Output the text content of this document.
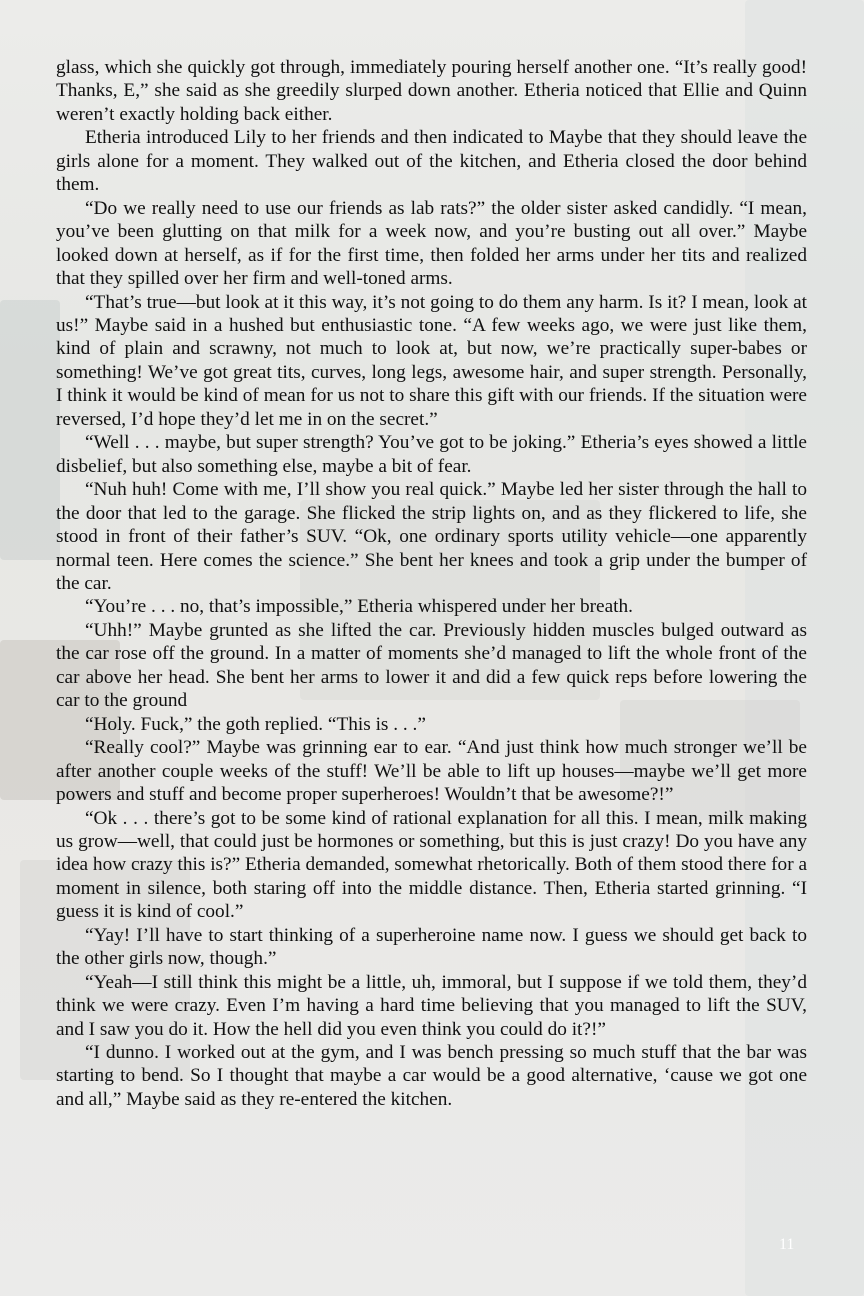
glass, which she quickly got through, immediately pouring herself another one. “It’s really good! Thanks, E,” she said as she greedily slurped down another. Etheria noticed that Ellie and Quinn weren’t exactly holding back either.

Etheria introduced Lily to her friends and then indicated to Maybe that they should leave the girls alone for a moment. They walked out of the kitchen, and Etheria closed the door behind them.

“Do we really need to use our friends as lab rats?” the older sister asked candidly. “I mean, you’ve been glutting on that milk for a week now, and you’re busting out all over.” Maybe looked down at herself, as if for the first time, then folded her arms under her tits and realized that they spilled over her firm and well-toned arms.

“That’s true—but look at it this way, it’s not going to do them any harm. Is it? I mean, look at us!” Maybe said in a hushed but enthusiastic tone. “A few weeks ago, we were just like them, kind of plain and scrawny, not much to look at, but now, we’re practically super-babes or something! We’ve got great tits, curves, long legs, awesome hair, and super strength. Personally, I think it would be kind of mean for us not to share this gift with our friends. If the situation were reversed, I’d hope they’d let me in on the secret.”

“Well . . . maybe, but super strength? You’ve got to be joking.” Etheria’s eyes showed a little disbelief, but also something else, maybe a bit of fear.

“Nuh huh! Come with me, I’ll show you real quick.” Maybe led her sister through the hall to the door that led to the garage. She flicked the strip lights on, and as they flickered to life, she stood in front of their father’s SUV. “Ok, one ordinary sports utility vehicle—one apparently normal teen. Here comes the science.” She bent her knees and took a grip under the bumper of the car.

“You’re . . . no, that’s impossible,” Etheria whispered under her breath.

“Uhh!” Maybe grunted as she lifted the car. Previously hidden muscles bulged outward as the car rose off the ground. In a matter of moments she’d managed to lift the whole front of the car above her head. She bent her arms to lower it and did a few quick reps before lowering the car to the ground

“Holy. Fuck,” the goth replied. “This is . . .”

“Really cool?” Maybe was grinning ear to ear. “And just think how much stronger we’ll be after another couple weeks of the stuff! We’ll be able to lift up houses—maybe we’ll get more powers and stuff and become proper superheroes! Wouldn’t that be awesome?!”

“Ok . . . there’s got to be some kind of rational explanation for all this. I mean, milk making us grow—well, that could just be hormones or something, but this is just crazy! Do you have any idea how crazy this is?” Etheria demanded, somewhat rhetorically. Both of them stood there for a moment in silence, both staring off into the middle distance. Then, Etheria started grinning. “I guess it is kind of cool.”

“Yay! I’ll have to start thinking of a superheroine name now. I guess we should get back to the other girls now, though.”

“Yeah—I still think this might be a little, uh, immoral, but I suppose if we told them, they’d think we were crazy. Even I’m having a hard time believing that you managed to lift the SUV, and I saw you do it. How the hell did you even think you could do it?!”

“I dunno. I worked out at the gym, and I was bench pressing so much stuff that the bar was starting to bend. So I thought that maybe a car would be a good alternative, ‘cause we got one and all,” Maybe said as they re-entered the kitchen.

11
